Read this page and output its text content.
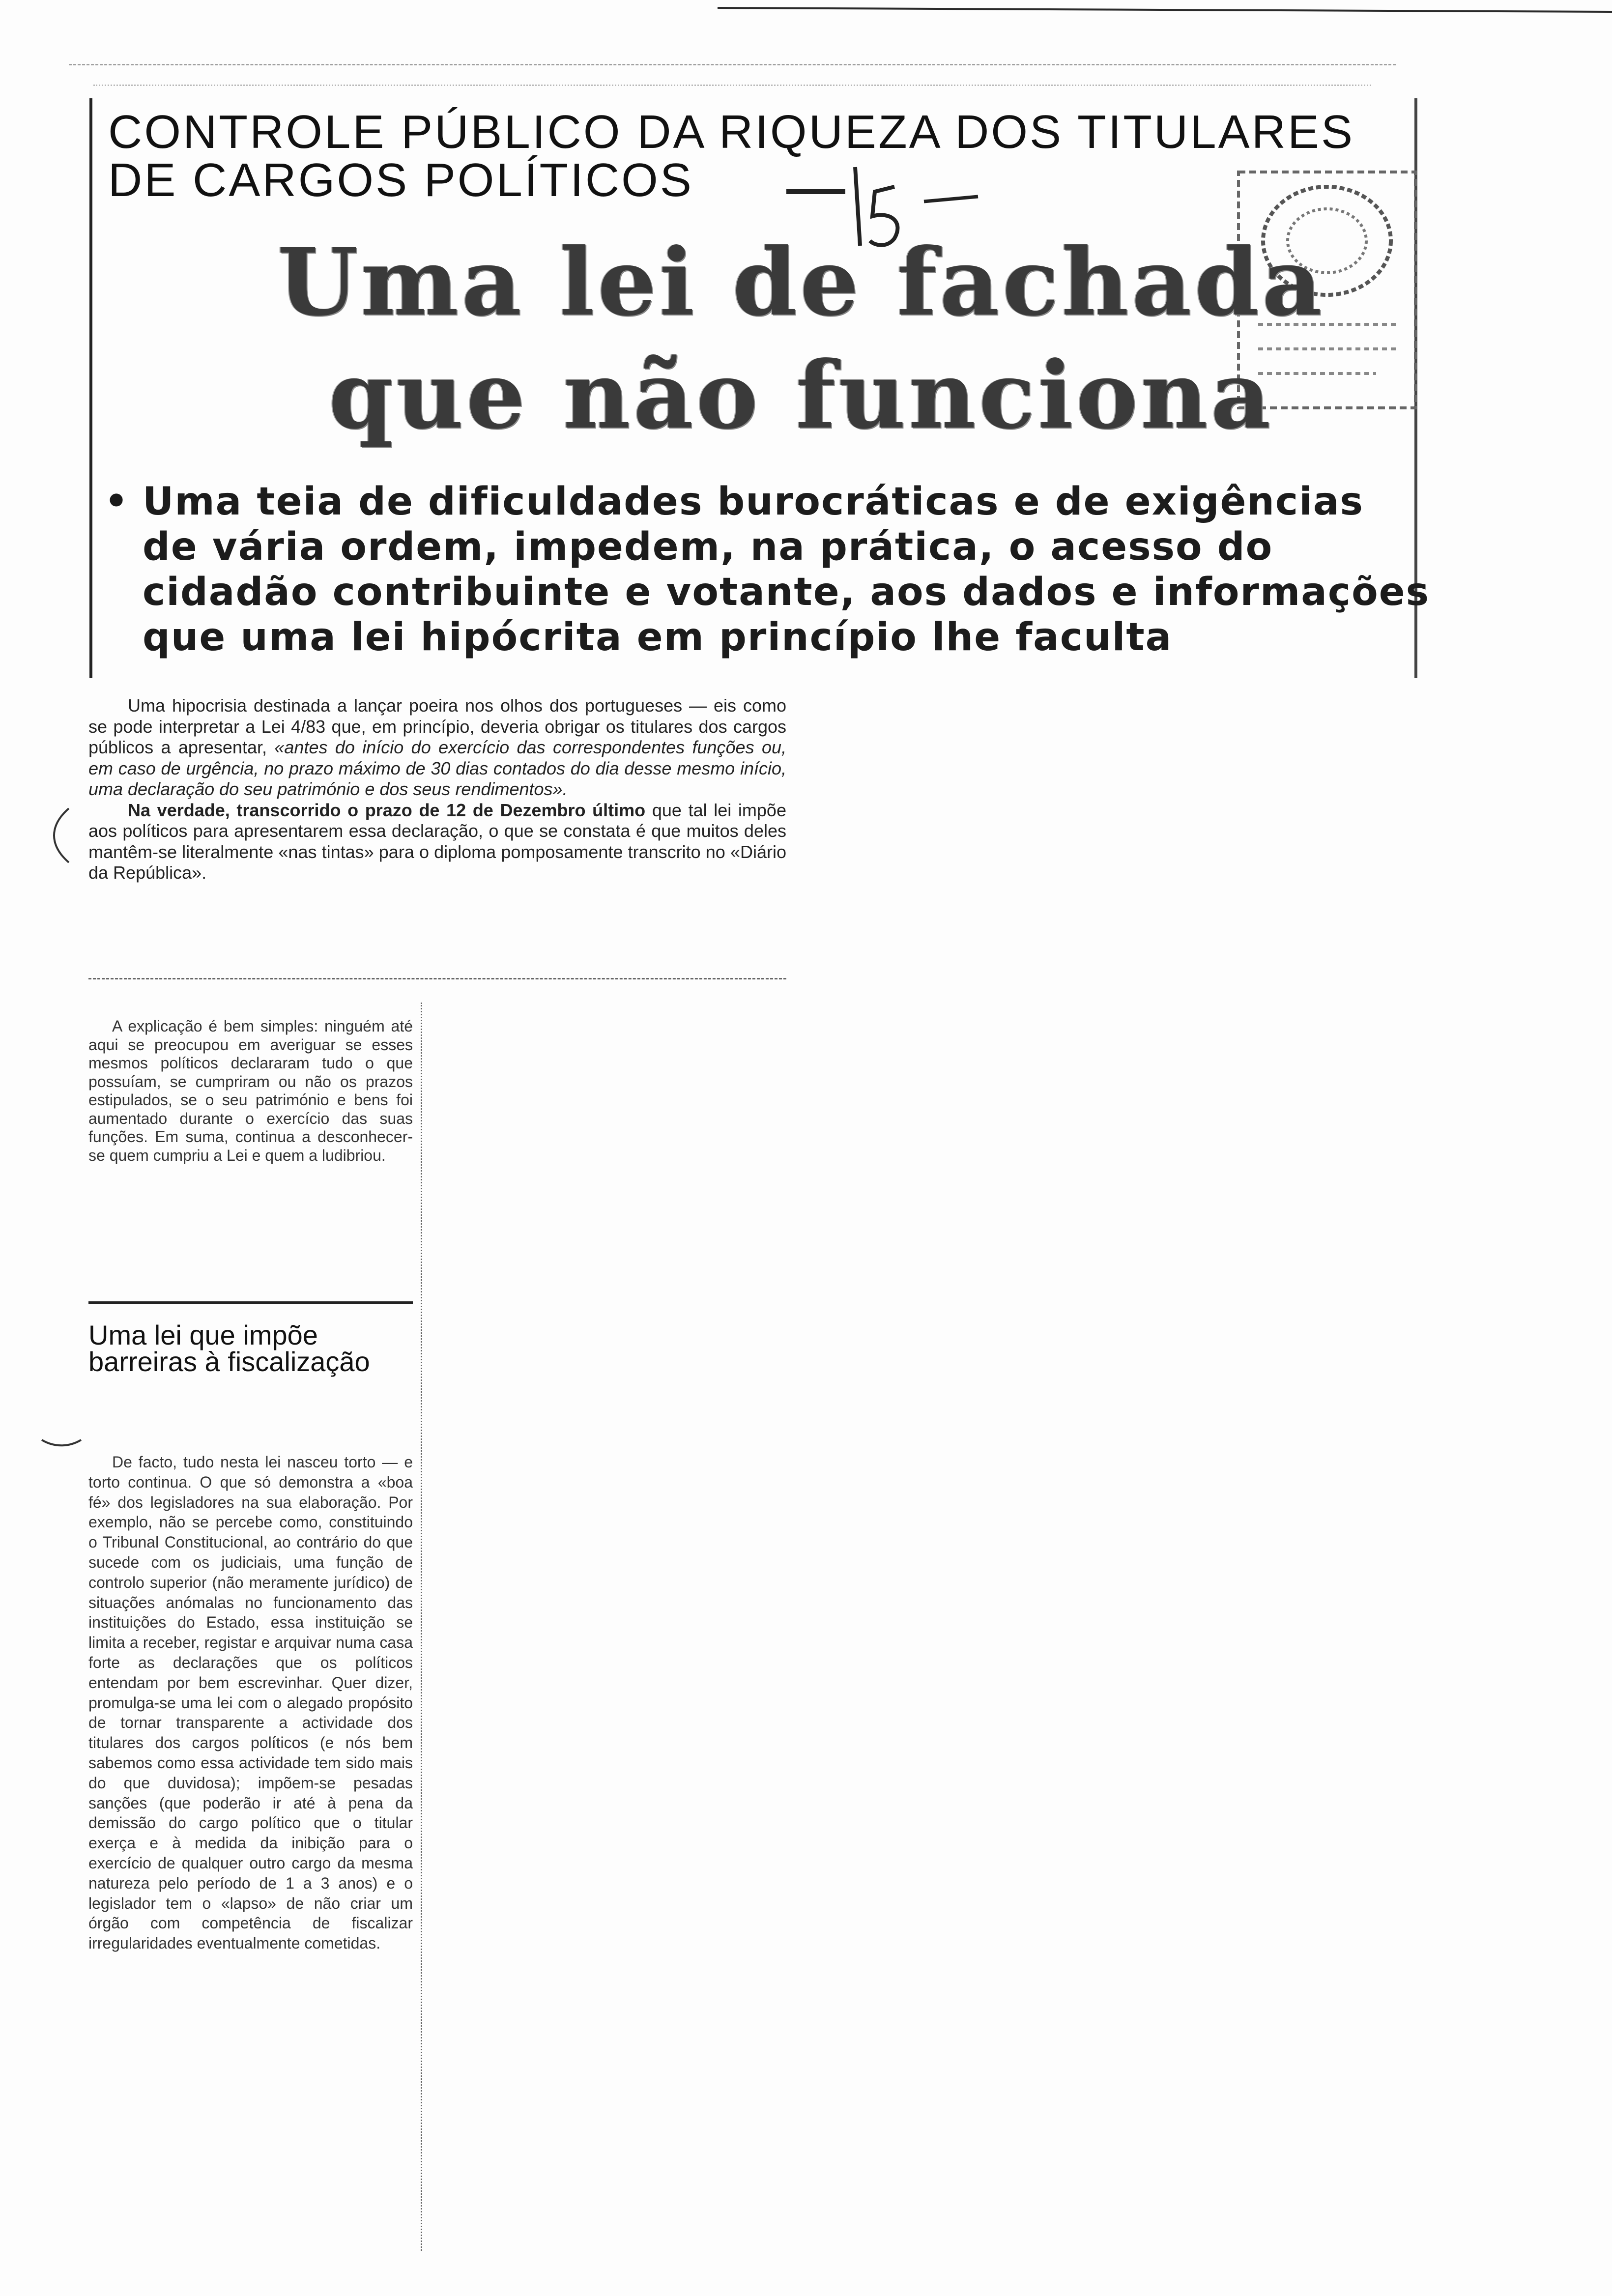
CONTROLE PÚBLICO DA RIQUEZA DOS TITULARES
DE CARGOS POLÍTICOS
Uma lei de fachada
que não funciona
• Uma teia de dificuldades burocráticas e de exigências de vária ordem, impedem, na prática, o acesso do cidadão contribuinte e votante, aos dados e informações que uma lei hipócrita em princípio lhe faculta

Uma hipocrisia destinada a lançar poeira nos olhos dos portugueses — eis como se pode interpretar a Lei 4/83 que, em princípio, deveria obrigar os titulares dos cargos públicos a apresentar, «antes do início do exercício das correspondentes funções ou, em caso de urgência, no prazo máximo de 30 dias contados do dia desse mesmo início, uma declaração do seu património e dos seus rendimentos».

Na verdade, transcorrido o prazo de 12 de Dezembro último que tal lei impõe aos políticos para apresentarem essa declaração, o que se constata é que muitos deles mantêm-se literalmente «nas tintas» para o diploma pomposamente transcrito no «Diário da República».

A explicação é bem simples: ninguém até aqui se preocupou em averiguar se esses mesmos políticos declararam tudo o que possuíam, se cumpriram ou não os prazos estipulados, se o seu património e bens foi aumentado durante o exercício das suas funções. Em suma, continua a desconhecer-se quem cumpriu a Lei e quem a ludibriou.

Uma lei que impõe barreiras à fiscalização

De facto, tudo nesta lei nasceu torto — e torto continua. O que só demonstra a «boa fé» dos legisladores na sua elaboração. Por exemplo, não se percebe como, constituindo o Tribunal Constitucional, ao contrário do que sucede com os judiciais, uma função de controlo superior (não meramente jurídico) de situações anómalas no funcionamento das instituições do Estado, essa instituição se limita a receber, registar e arquivar numa casa forte as declarações que os políticos entendam por bem escrevinhar. Quer dizer, promulga-se uma lei com o alegado propósito de tornar transparente a actividade dos titulares dos cargos políticos (e nós bem sabemos como essa actividade tem sido mais do que duvidosa); impõem-se pesadas sanções (que poderão ir até à pena da demissão do cargo político que o titular exerça e à medida da inibição para o exercício de qualquer outro cargo da mesma natureza pelo período de 1 a 3 anos) e o legislador tem o «lapso» de não criar um órgão com competência de fiscalizar irregularidades eventualmente cometidas.
